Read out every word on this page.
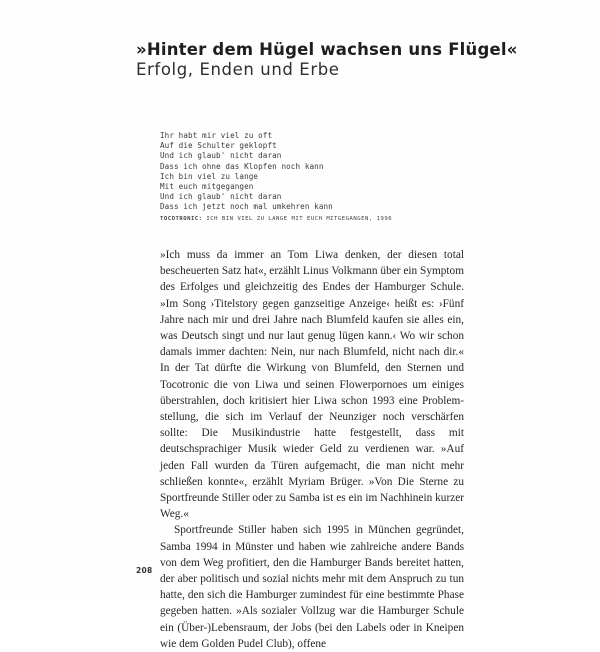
»Hinter dem Hügel wachsen uns Flügel«
Erfolg, Enden und Erbe
Ihr habt mir viel zu oft
Auf die Schulter geklopft
Und ich glaub' nicht daran
Dass ich ohne das Klopfen noch kann
Ich bin viel zu lange
Mit euch mitgegangen
Und ich glaub' nicht daran
Dass ich jetzt noch mal umkehren kann
TOCOTRONIC: ICH BIN VIEL ZU LANGE MIT EUCH MITGEGANGEN, 1996

»Ich muss da immer an Tom Liwa denken, der diesen total bescheuerten Satz hat«, erzählt Linus Volkmann über ein Symptom des Erfolges und gleichzeitig des Endes der Hamburger Schule. »Im Song ›Titelstory gegen ganzseitige Anzeige‹ heißt es: ›Fünf Jahre nach mir und drei Jahre nach Blumfeld kaufen sie alles ein, was Deutsch singt und nur laut genug lügen kann.‹ Wo wir schon damals immer dachten: Nein, nur nach Blumfeld, nicht nach dir.« In der Tat dürfte die Wirkung von Blumfeld, den Sternen und Tocotronic die von Liwa und seinen Flowerpornoes um einiges überstrahlen, doch kritisiert hier Liwa schon 1993 eine Problemstellung, die sich im Verlauf der Neunziger noch verschärfen sollte: Die Musikindustrie hatte festgestellt, dass mit deutschsprachiger Musik wieder Geld zu verdienen war. »Auf jeden Fall wurden da Türen aufgemacht, die man nicht mehr schließen konnte«, erzählt Myriam Brüger. »Von Die Sterne zu Sportfreunde Stiller oder zu Samba ist es ein im Nachhinein kurzer Weg.«

Sportfreunde Stiller haben sich 1995 in München gegründet, Samba 1994 in Münster und haben wie zahlreiche andere Bands von dem Weg profitiert, den die Hamburger Bands bereitet hatten, der aber politisch und sozial nichts mehr mit dem Anspruch zu tun hatte, den sich die Hamburger zumindest für eine bestimmte Phase gegeben hatten. »Als sozialer Vollzug war die Hamburger Schule ein (Über-)Lebensraum, der Jobs (bei den Labels oder in Kneipen wie dem Golden Pudel Club), offene

208
